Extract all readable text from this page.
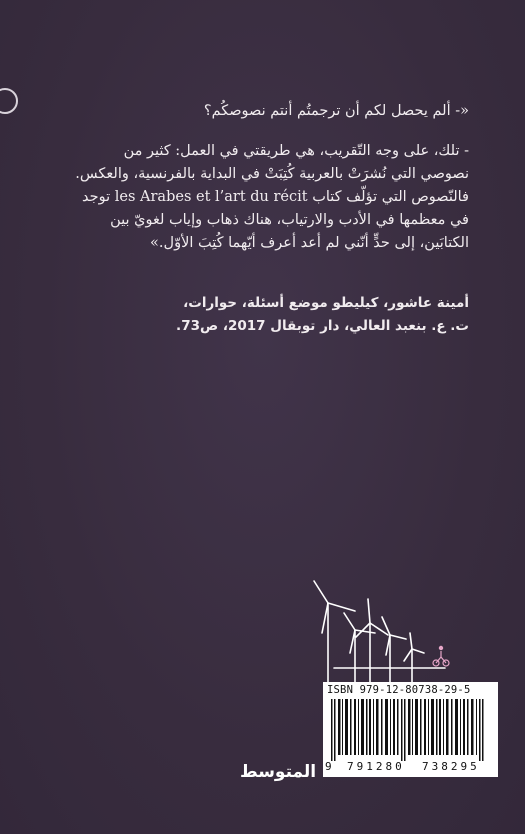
«- ألم يحصل لكم أن ترجمتُم أنتم نصوصكُم؟

- تلك، على وجه التّقريب، هي طريقتي في العمل: كثير من

نصوصي التي نُشرَتْ بالعربية كُتِبَتْ في البداية بالفرنسية، والعكس.

فالنّصوص التي تؤلّف كتاب les Arabes et l’art du récit توجد

في معظمها في الأدب والارتياب، هناك ذهاب وإياب لغويّ بين

الكتابَين، إلى حدٍّ أنّني لم أعد أعرف أيّهما كُتِبَ الأوّل.»

أمينة عاشور، كيليطو موضع أسئلة، حوارات،
ت. ع. بنعبد العالي، دار توبقال 2017، ص73.
ISBN 979-12-80738-29-5
9 791280 738295
المتوسط
